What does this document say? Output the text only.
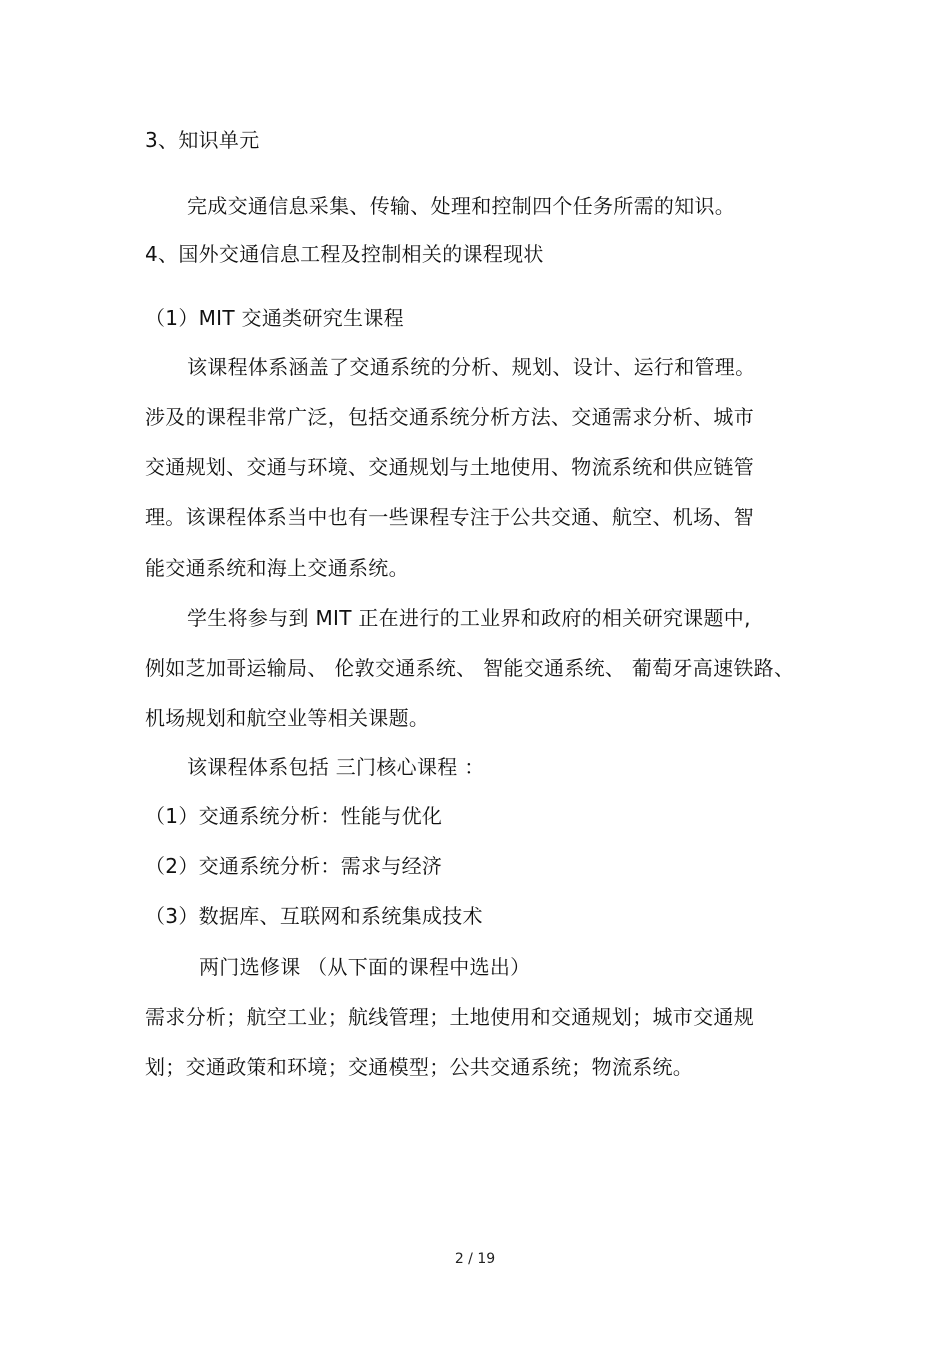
3、知识单元
完成交通信息采集、传输、处理和控制四个任务所需的知识。
4、国外交通信息工程及控制相关的课程现状
（1）MIT 交通类研究生课程
该课程体系涵盖了交通系统的分析、规划、设计、运行和管理。
涉及的课程非常广泛，包括交通系统分析方法、交通需求分析、城市
交通规划、交通与环境、交通规划与土地使用、物流系统和供应链管
理。该课程体系当中也有一些课程专注于公共交通、航空、机场、智
能交通系统和海上交通系统。
学生将参与到 MIT 正在进行的工业界和政府的相关研究课题中,
例如芝加哥运输局、 伦敦交通系统、 智能交通系统、 葡萄牙高速铁路、
机场规划和航空业等相关课题。
该课程体系包括 三门核心课程 ：
（1）交通系统分析：性能与优化
（2）交通系统分析：需求与经济
（3）数据库、互联网和系统集成技术
两门选修课 （从下面的课程中选出）
需求分析；航空工业；航线管理；土地使用和交通规划；城市交通规
划；交通政策和环境；交通模型；公共交通系统；物流系统。
2 / 19
